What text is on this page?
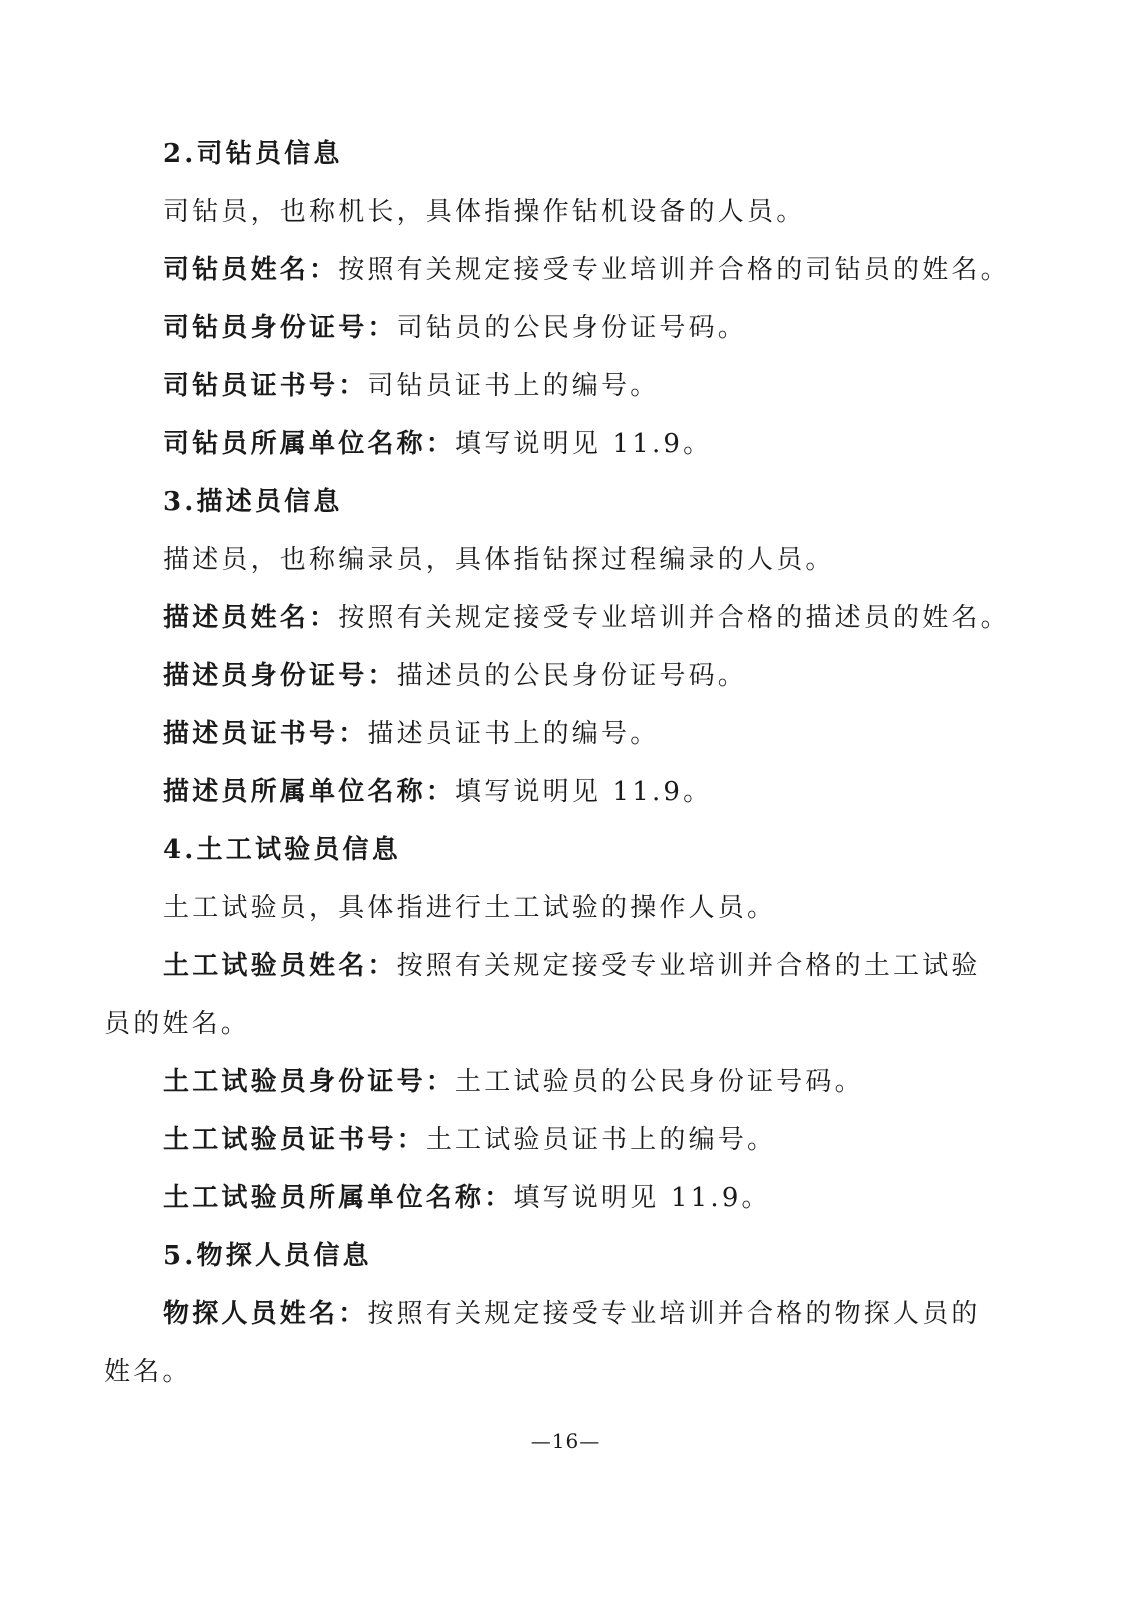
2.司钻员信息
司钻员，也称机长，具体指操作钻机设备的人员。
司钻员姓名：按照有关规定接受专业培训并合格的司钻员的姓名。
司钻员身份证号：司钻员的公民身份证号码。
司钻员证书号：司钻员证书上的编号。
司钻员所属单位名称：填写说明见 11.9。
3.描述员信息
描述员，也称编录员，具体指钻探过程编录的人员。
描述员姓名：按照有关规定接受专业培训并合格的描述员的姓名。
描述员身份证号：描述员的公民身份证号码。
描述员证书号：描述员证书上的编号。
描述员所属单位名称：填写说明见 11.9。
4.土工试验员信息
土工试验员，具体指进行土工试验的操作人员。
土工试验员姓名：按照有关规定接受专业培训并合格的土工试验
员的姓名。
土工试验员身份证号：土工试验员的公民身份证号码。
土工试验员证书号：土工试验员证书上的编号。
土工试验员所属单位名称：填写说明见 11.9。
5.物探人员信息
物探人员姓名：按照有关规定接受专业培训并合格的物探人员的
姓名。
—16—
